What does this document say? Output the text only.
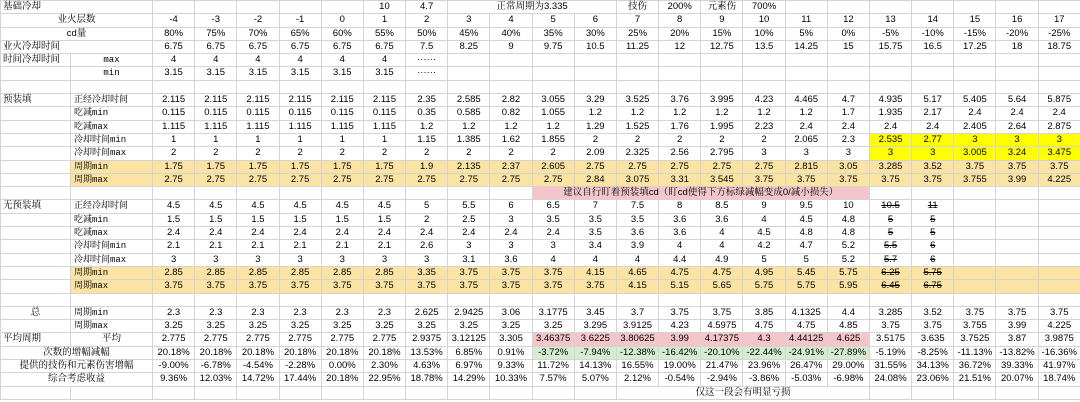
基础冷却							10	4.7	正常周期为3.335				技伤	200%	元素伤	700%							
业火层数		-4	-3	-2	-1	0	1	2	3	4	5	6	7	8	9	10	11	12	13	14	15	16	17
cd量		80%	75%	70%	65%	60%	55%	50%	45%	40%	35%	30%	25%	20%	15%	10%	5%	0%	-5%	-10%	-15%	-20%	-25%
业火冷却时间		6.75	6.75	6.75	6.75	6.75	6.75	7.5	8.25	9	9.75	10.5	11.25	12	12.75	13.5	14.25	15	15.75	16.5	17.25	18	18.75
时间冷却时间	max	4	4	4	4	4	4	······															
	min	3.15	3.15	3.15	3.15	3.15	3.15	······															

预装填	正经冷却时间	2.115	2.115	2.115	2.115	2.115	2.115	2.35	2.585	2.82	3.055	3.29	3.525	3.76	3.995	4.23	4.465	4.7	4.935	5.17	5.405	5.64	5.875
	吃减min	0.115	0.115	0.115	0.115	0.115	0.115	0.35	0.585	0.82	1.055	1.2	1.2	1.2	1.2	1.2	1.2	1.7	1.935	2.17	2.4	2.4	2.4
	吃减max	1.115	1.115	1.115	1.115	1.115	1.115	1.2	1.2	1.2	1.2	1.29	1.525	1.76	1.995	2.23	2.4	2.4	2.4	2.4	2.405	2.64	2.875
	冷却时间min	1	1	1	1	1	1	1.15	1.385	1.62	1.855	2	2	2	2	2	2.065	2.3	2.535	2.77	3	3	3
	冷却时间max	2	2	2	2	2	2	2	2	2	2	2.09	2.325	2.56	2.795	3	3	3	3	3	3.005	3.24	3.475
	周期min	1.75	1.75	1.75	1.75	1.75	1.75	1.9	2.135	2.37	2.605	2.75	2.75	2.75	2.75	2.75	2.815	3.05	3.285	3.52	3.75	3.75	3.75
	周期max	2.75	2.75	2.75	2.75	2.75	2.75	2.75	2.75	2.75	2.75	2.84	3.075	3.31	3.545	3.75	3.75	3.75	3.75	3.75	3.755	3.99	4.225
											建议自行盯着预装填cd（盯cd使得下方标绿减幅变成0/减小损失）												
无预装填	正经冷却时间	4.5	4.5	4.5	4.5	4.5	4.5	5	5.5	6	6.5	7	7.5	8	8.5	9	9.5	10	10.5	11			
	吃减min	1.5	1.5	1.5	1.5	1.5	1.5	2	2.5	3	3.5	3.5	3.5	3.6	3.6	4	4.5	4.8	5	5			
	吃减max	2.4	2.4	2.4	2.4	2.4	2.4	2.4	2.4	2.4	2.4	3.5	3.6	3.6	4	4.5	4.8	4.8	5	5			
	冷却时间min	2.1	2.1	2.1	2.1	2.1	2.1	2.6	3	3	3	3.4	3.9	4	4	4.2	4.7	5.2	5.5	6			
	冷却时间max	3	3	3	3	3	3	3	3.1	3.6	4	4	4	4.4	4.9	5	5	5.2	5.7	6			
	周期min	2.85	2.85	2.85	2.85	2.85	2.85	3.35	3.75	3.75	3.75	4.15	4.65	4.75	4.75	4.95	5.45	5.75	6.25	5.75			
	周期max	3.75	3.75	3.75	3.75	3.75	3.75	3.75	3.75	3.75	3.75	3.75	4.15	5.15	5.65	5.75	5.75	5.95	6.45	6.75			

总	周期min	2.3	2.3	2.3	2.3	2.3	2.3	2.625	2.9425	3.06	3.1775	3.45	3.7	3.75	3.75	3.85	4.1325	4.4	3.285	3.52	3.75	3.75	3.75
	周期max	3.25	3.25	3.25	3.25	3.25	3.25	3.25	3.25	3.25	3.25	3.295	3.9125	4.23	4.5975	4.75	4.75	4.85	3.75	3.75	3.755	3.99	4.225
平均周期	平均	2.775	2.775	2.775	2.775	2.775	2.775	2.9375	3.12125	3.305	3.46375	3.6225	3.80625	3.99	4.17375	4.3	4.44125	4.625	3.5175	3.635	3.7525	3.87	3.9875
次数的增幅减幅		20.18%	20.18%	20.18%	20.18%	20.18%	20.18%	13.53%	6.85%	0.91%	-3.72%	-7.94%	-12.38%	-16.42%	-20.10%	-22.44%	-24.91%	-27.89%	-5.19%	-8.25%	-11.13%	-13.82%	-16.36%
提供的技伤和元素伤害增幅		-9.00%	-6.78%	-4.54%	-2.28%	0.00%	2.30%	4.63%	6.97%	9.33%	11.72%	14.13%	16.55%	19.00%	21.47%	23.96%	26.47%	29.00%	31.55%	34.13%	36.72%	39.33%	41.97%
综合考虑收益		9.36%	12.03%	14.72%	17.44%	20.18%	22.95%	18.78%	14.29%	10.33%	7.57%	5.07%	2.12%	-0.54%	-2.94%	-3.86%	-5.03%	-6.98%	24.08%	23.06%	21.51%	20.07%	18.74%
													仅这一段会有明显亏损										
